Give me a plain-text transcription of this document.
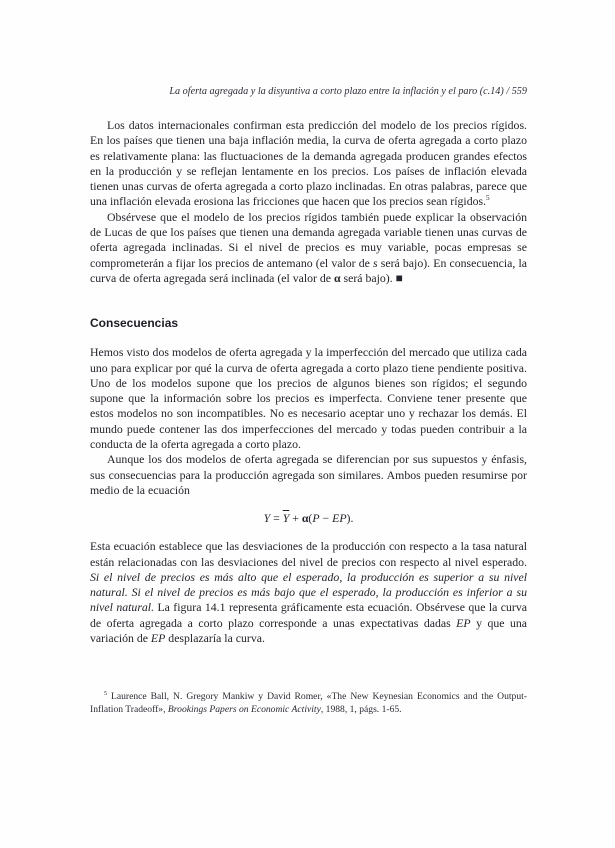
La oferta agregada y la disyuntiva a corto plazo entre la inflación y el paro (c.14) / 559

Los datos internacionales confirman esta predicción del modelo de los precios rígidos. En los países que tienen una baja inflación media, la curva de oferta agregada a corto plazo es relativamente plana: las fluctuaciones de la demanda agregada producen grandes efectos en la producción y se reflejan lentamente en los precios. Los países de inflación elevada tienen unas curvas de oferta agregada a corto plazo inclinadas. En otras palabras, parece que una inflación elevada erosiona las fricciones que hacen que los precios sean rígidos.$^5$

Obsérvese que el modelo de los precios rígidos también puede explicar la observación de Lucas de que los países que tienen una demanda agregada variable tienen unas curvas de oferta agregada inclinadas. Si el nivel de precios es muy variable, pocas empresas se comprometerán a fijar los precios de antemano (el valor de s será bajo). En consecuencia, la curva de oferta agregada será inclinada (el valor de α será bajo). ■

Consecuencias

Hemos visto dos modelos de oferta agregada y la imperfección del mercado que utiliza cada uno para explicar por qué la curva de oferta agregada a corto plazo tiene pendiente positiva. Uno de los modelos supone que los precios de algunos bienes son rígidos; el segundo supone que la información sobre los precios es imperfecta. Conviene tener presente que estos modelos no son incompatibles. No es necesario aceptar uno y rechazar los demás. El mundo puede contener las dos imperfecciones del mercado y todas pueden contribuir a la conducta de la oferta agregada a corto plazo.

Aunque los dos modelos de oferta agregada se diferencian por sus supuestos y énfasis, sus consecuencias para la producción agregada son similares. Ambos pueden resumirse por medio de la ecuación

$Y = \overline{Y} + \alpha(P - EP)$.

Esta ecuación establece que las desviaciones de la producción con respecto a la tasa natural están relacionadas con las desviaciones del nivel de precios con respecto al nivel esperado. Si el nivel de precios es más alto que el esperado, la producción es superior a su nivel natural. Si el nivel de precios es más bajo que el esperado, la producción es inferior a su nivel natural. La figura 14.1 representa gráficamente esta ecuación. Obsérvese que la curva de oferta agregada a corto plazo corresponde a unas expectativas dadas EP y que una variación de EP desplazaría la curva.

$^5$ Laurence Ball, N. Gregory Mankiw y David Romer, «The New Keynesian Economics and the Output-Inflation Tradeoff», Brookings Papers on Economic Activity, 1988, 1, págs. 1-65.
